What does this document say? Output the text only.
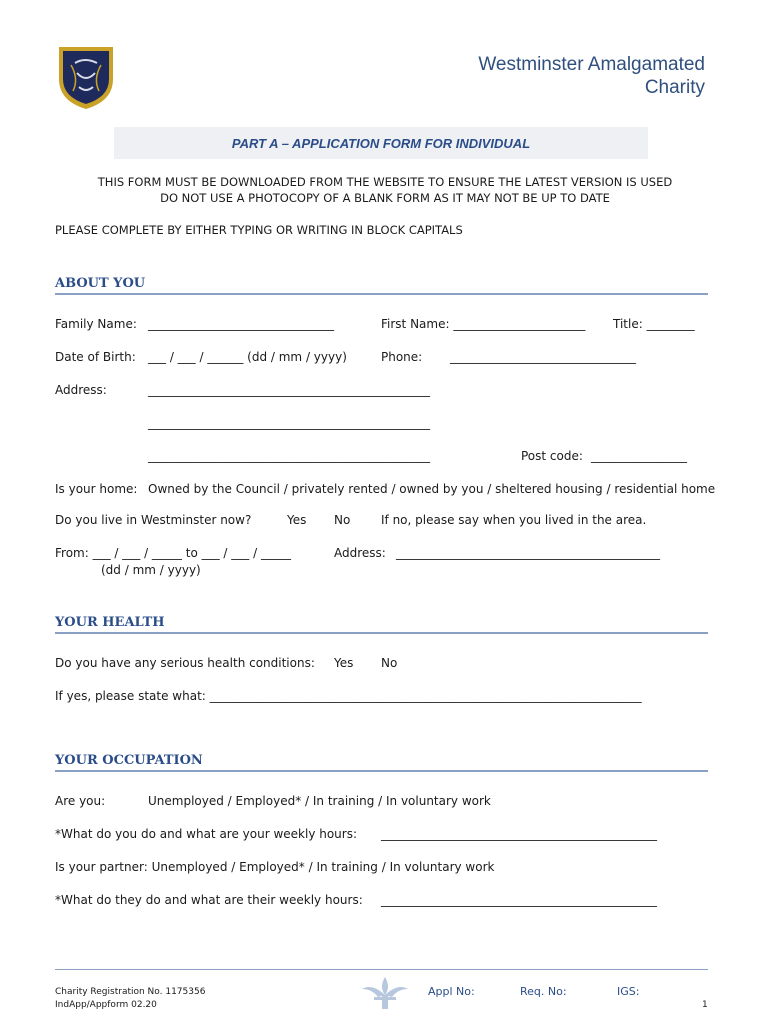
Westminster Amalgamated
Charity
PART A – APPLICATION FORM FOR INDIVIDUAL
THIS FORM MUST BE DOWNLOADED FROM THE WEBSITE TO ENSURE THE LATEST VERSION IS USED
DO NOT USE A PHOTOCOPY OF A BLANK FORM AS IT MAY NOT BE UP TO DATE
PLEASE COMPLETE BY EITHER TYPING OR WRITING IN BLOCK CAPITALS
ABOUT YOU
Family Name: _______________________________	First Name: ______________________ Title: ________
Date of Birth: ___ / ___ / ______ (dd / mm / yyyy)	Phone: _______________________________
Address:	_______________________________________________
_______________________________________________
_______________________________________________	Post code: ________________
Is your home: Owned by the Council / privately rented / owned by you / sheltered housing / residential home
Do you live in Westminster now?	Yes No	If no, please say when you lived in the area.
From: ___ / ___ / _____ to ___ / ___ / _____	Address: ____________________________________________
(dd / mm / yyyy)
YOUR HEALTH
Do you have any serious health conditions: Yes No
If yes, please state what: ________________________________________________________________________
YOUR OCCUPATION
Are you:	Unemployed / Employed* / In training / In voluntary work
*What do you do and what are your weekly hours: ______________________________________________
Is your partner: Unemployed / Employed* / In training / In voluntary work
*What do they do and what are their weekly hours: ______________________________________________
Charity Registration No. 1175356
IndApp/Appform 02.20
Appl No:	Req. No:	IGS:
1
